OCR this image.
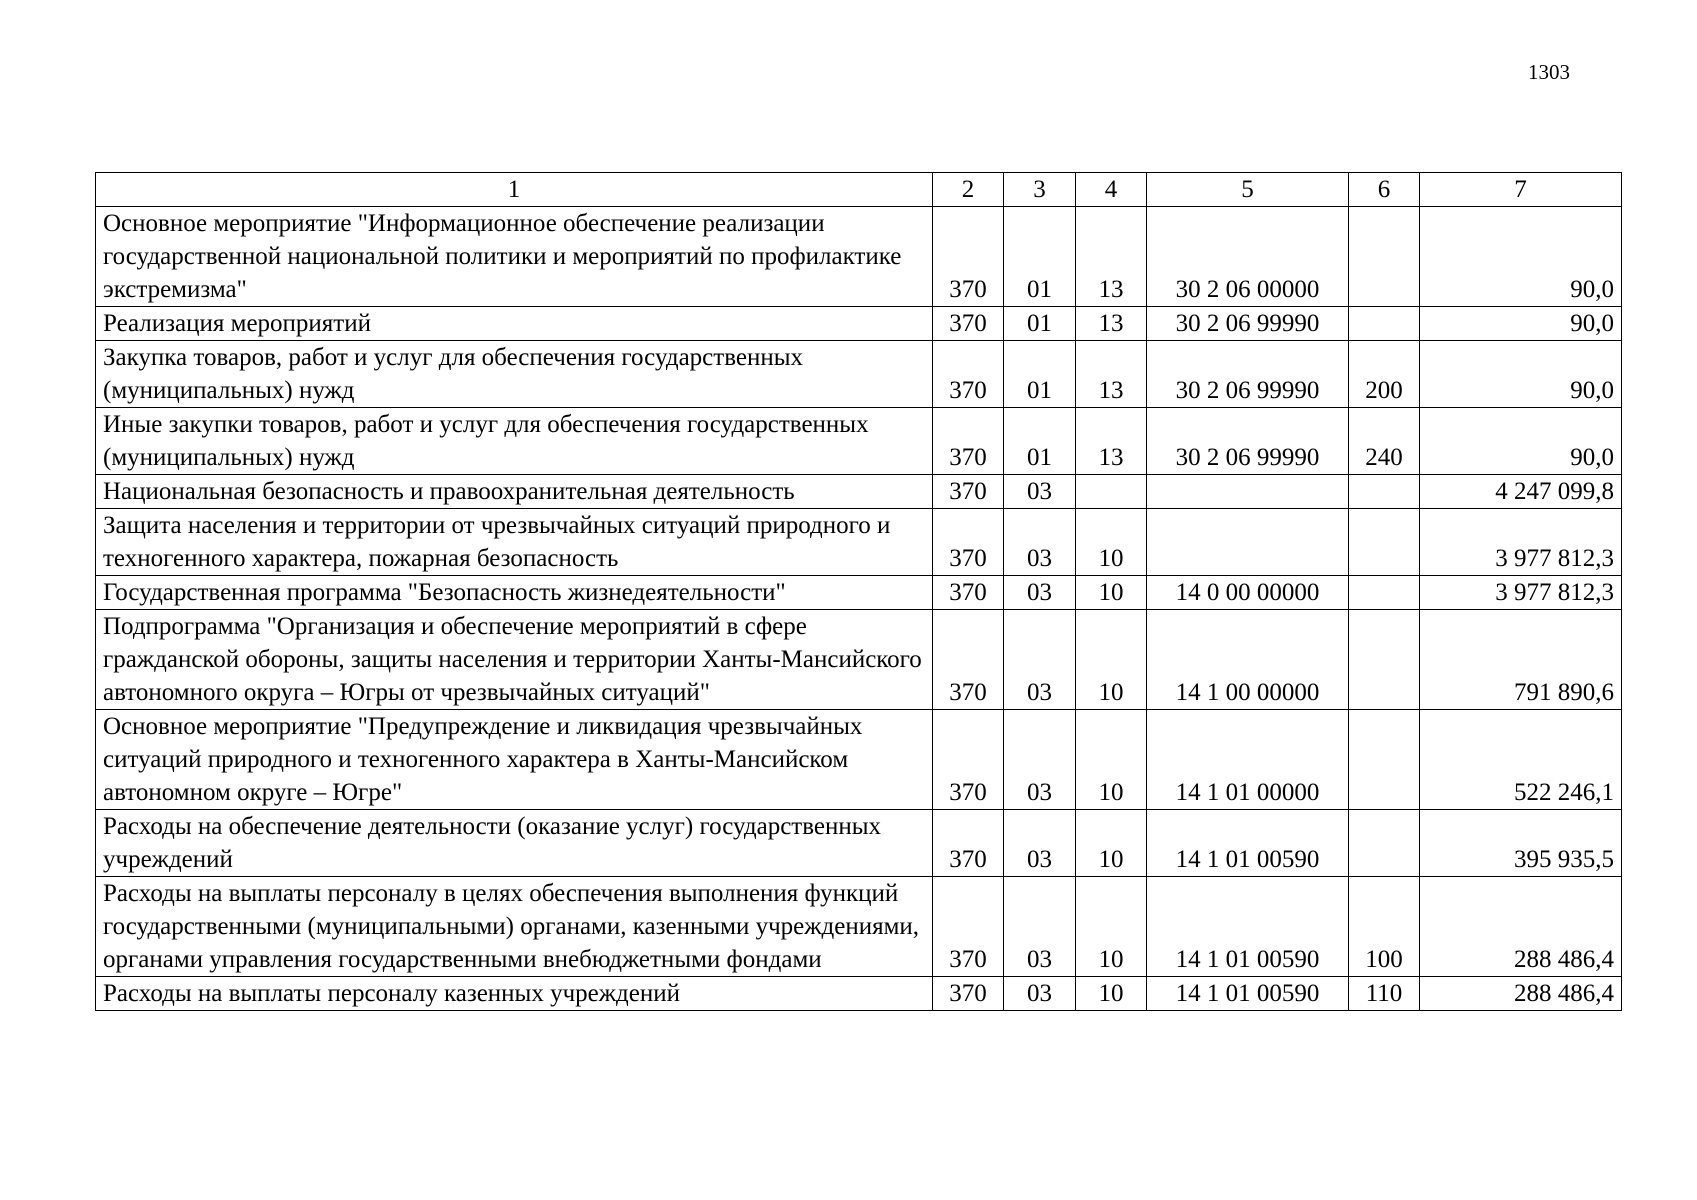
1303
1	2	3	4	5	6	7
Основное мероприятие "Информационное обеспечение реализации государственной национальной политики и мероприятий по профилактике экстремизма"	370	01	13	30 2 06 00000		90,0
Реализация мероприятий	370	01	13	30 2 06 99990		90,0
Закупка товаров, работ и услуг для обеспечения государственных (муниципальных) нужд	370	01	13	30 2 06 99990	200	90,0
Иные закупки товаров, работ и услуг для обеспечения государственных (муниципальных) нужд	370	01	13	30 2 06 99990	240	90,0
Национальная безопасность и правоохранительная деятельность	370	03				4 247 099,8
Защита населения и территории от чрезвычайных ситуаций природного и техногенного характера, пожарная безопасность	370	03	10			3 977 812,3
Государственная программа "Безопасность жизнедеятельности"	370	03	10	14 0 00 00000		3 977 812,3
Подпрограмма "Организация и обеспечение мероприятий в сфере гражданской обороны, защиты населения и территории Ханты-Мансийского автономного округа – Югры от чрезвычайных ситуаций"	370	03	10	14 1 00 00000		791 890,6
Основное мероприятие "Предупреждение и ликвидация чрезвычайных ситуаций природного и техногенного характера в Ханты-Мансийском автономном округе – Югре"	370	03	10	14 1 01 00000		522 246,1
Расходы на обеспечение деятельности (оказание услуг) государственных учреждений	370	03	10	14 1 01 00590		395 935,5
Расходы на выплаты персоналу в целях обеспечения выполнения функций государственными (муниципальными) органами, казенными учреждениями, органами управления государственными внебюджетными фондами	370	03	10	14 1 01 00590	100	288 486,4
Расходы на выплаты персоналу казенных учреждений	370	03	10	14 1 01 00590	110	288 486,4
